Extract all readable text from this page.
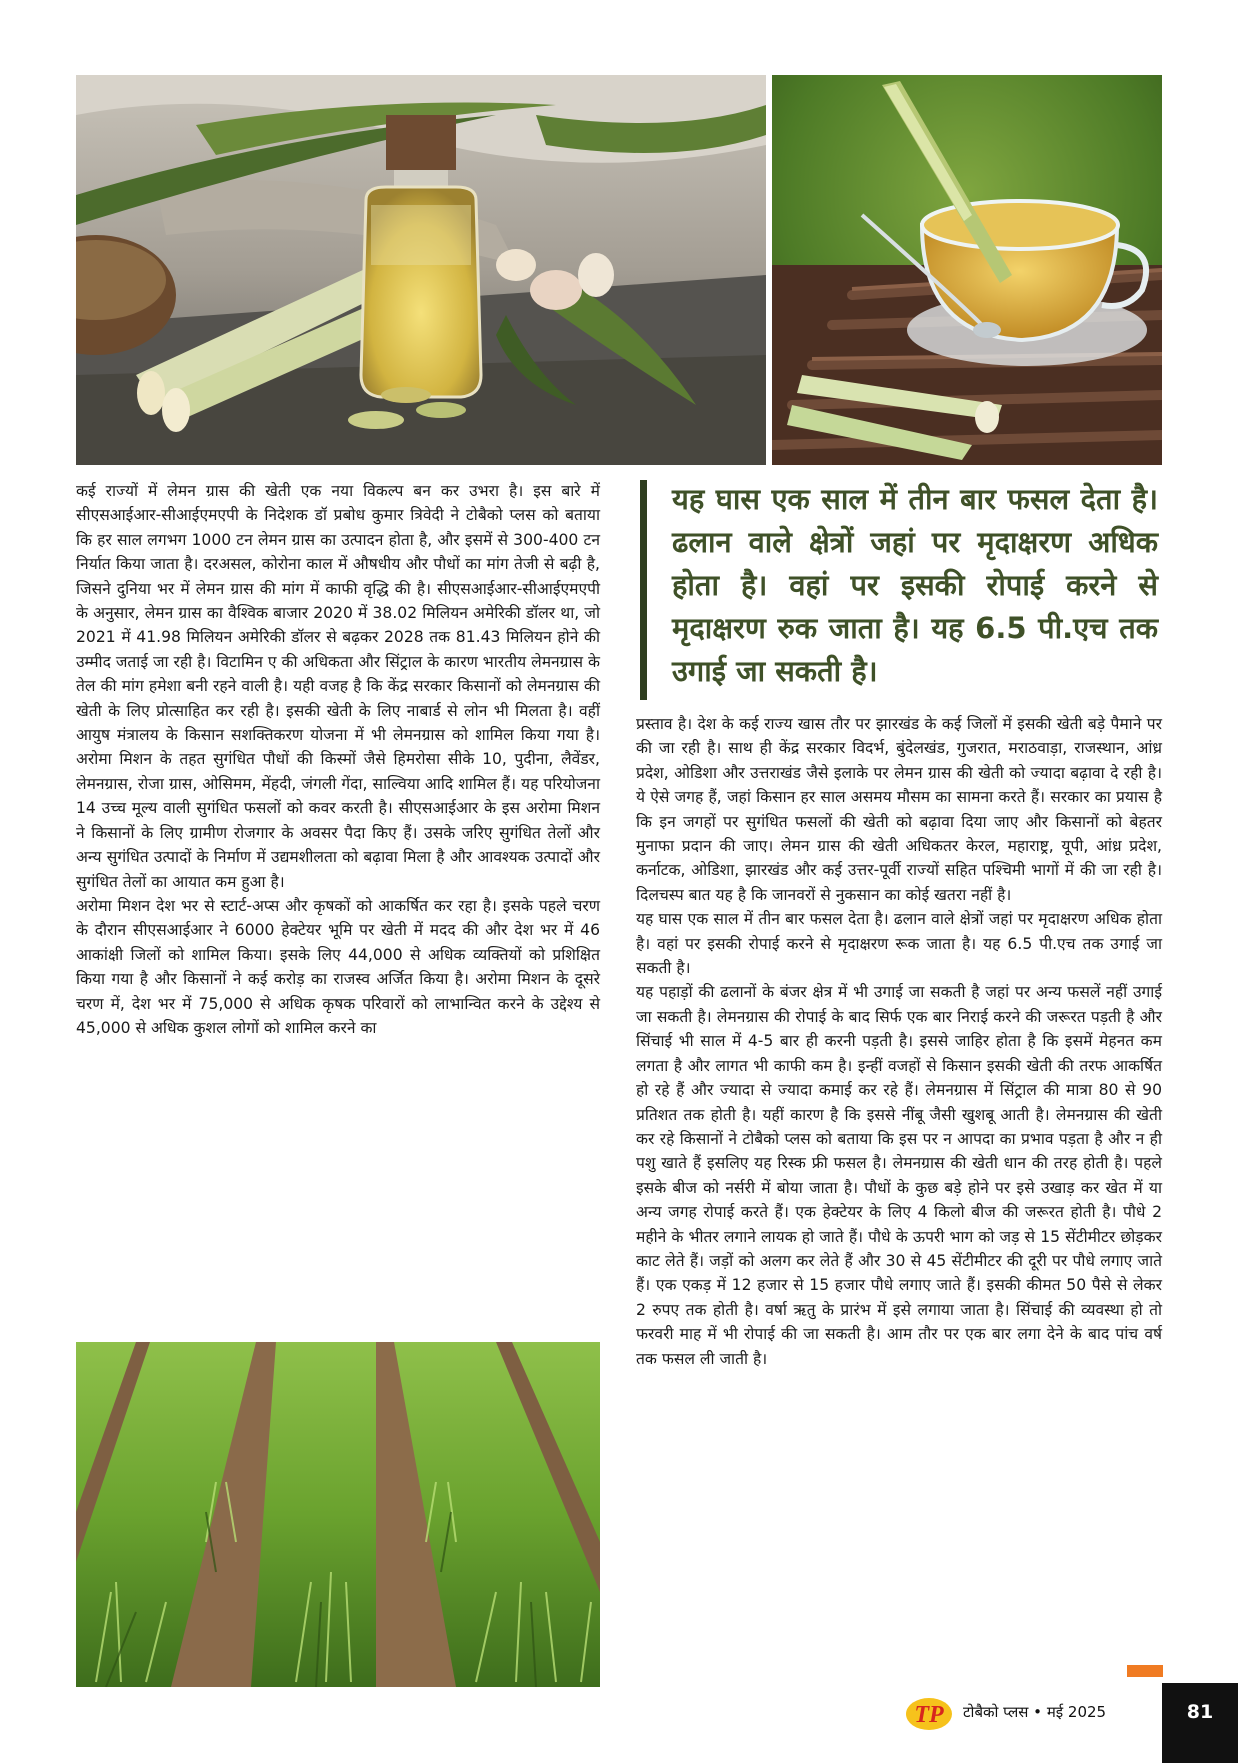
कई राज्यों में लेमन ग्रास की खेती एक नया विकल्प बन कर उभरा है। इस बारे में सीएसआईआर-सीआईएमएपी के निदेशक डॉ प्रबोध कुमार त्रिवेदी ने टोबैको प्लस को बताया कि हर साल लगभग 1000 टन लेमन ग्रास का उत्पादन होता है, और इसमें से 300-400 टन निर्यात किया जाता है। दरअसल, कोरोना काल में औषधीय और पौधों का मांग तेजी से बढ़ी है, जिसने दुनिया भर में लेमन ग्रास की मांग में काफी वृद्धि की है। सीएसआईआर-सीआईएमएपी के अनुसार, लेमन ग्रास का वैश्विक बाजार 2020 में 38.02 मिलियन अमेरिकी डॉलर था, जो 2021 में 41.98 मिलियन अमेरिकी डॉलर से बढ़कर 2028 तक 81.43 मिलियन होने की उम्मीद जताई जा रही है। विटामिन ए की अधिकता और सिंट्राल के कारण भारतीय लेमनग्रास के तेल की मांग हमेशा बनी रहने वाली है। यही वजह है कि केंद्र सरकार किसानों को लेमनग्रास की खेती के लिए प्रोत्साहित कर रही है। इसकी खेती के लिए नाबार्ड से लोन भी मिलता है। वहीं आयुष मंत्रालय के किसान सशक्तिकरण योजना में भी लेमनग्रास को शामिल किया गया है। अरोमा मिशन के तहत सुगंधित पौधों की किस्मों जैसे हिमरोसा सीके 10, पुदीना, लैवेंडर, लेमनग्रास, रोजा ग्रास, ओसिमम, मेंहदी, जंगली गेंदा, साल्विया आदि शामिल हैं। यह परियोजना 14 उच्च मूल्य वाली सुगंधित फसलों को कवर करती है। सीएसआईआर के इस अरोमा मिशन ने किसानों के लिए ग्रामीण रोजगार के अवसर पैदा किए हैं। उसके जरिए सुगंधित तेलों और अन्य सुगंधित उत्पादों के निर्माण में उद्यमशीलता को बढ़ावा मिला है और आवश्यक उत्पादों और सुगंधित तेलों का आयात कम हुआ है।

अरोमा मिशन देश भर से स्टार्ट-अप्स और कृषकों को आकर्षित कर रहा है। इसके पहले चरण के दौरान सीएसआईआर ने 6000 हेक्टेयर भूमि पर खेती में मदद की और देश भर में 46 आकांक्षी जिलों को शामिल किया। इसके लिए 44,000 से अधिक व्यक्तियों को प्रशिक्षित किया गया है और किसानों ने कई करोड़ का राजस्व अर्जित किया है। अरोमा मिशन के दूसरे चरण में, देश भर में 75,000 से अधिक कृषक परिवारों को लाभान्वित करने के उद्देश्य से 45,000 से अधिक कुशल लोगों को शामिल करने का

यह घास एक साल में तीन बार फसल देता है। ढलान वाले क्षेत्रों जहां पर मृदाक्षरण अधिक होता है। वहां पर इसकी रोपाई करने से मृदाक्षरण रुक जाता है। यह 6.5 पी.एच तक उगाई जा सकती है।

प्रस्ताव है। देश के कई राज्य खास तौर पर झारखंड के कई जिलों में इसकी खेती बड़े पैमाने पर की जा रही है। साथ ही केंद्र सरकार विदर्भ, बुंदेलखंड, गुजरात, मराठवाड़ा, राजस्थान, आंध्र प्रदेश, ओडिशा और उत्तराखंड जैसे इलाके पर लेमन ग्रास की खेती को ज्यादा बढ़ावा दे रही है। ये ऐसे जगह हैं, जहां किसान हर साल असमय मौसम का सामना करते हैं। सरकार का प्रयास है कि इन जगहों पर सुगंधित फसलों की खेती को बढ़ावा दिया जाए और किसानों को बेहतर मुनाफा प्रदान की जाए। लेमन ग्रास की खेती अधिकतर केरल, महाराष्ट्र, यूपी, आंध्र प्रदेश, कर्नाटक, ओडिशा, झारखंड और कई उत्तर-पूर्वी राज्यों सहित पश्चिमी भागों में की जा रही है। दिलचस्प बात यह है कि जानवरों से नुकसान का कोई खतरा नहीं है।

यह घास एक साल में तीन बार फसल देता है। ढलान वाले क्षेत्रों जहां पर मृदाक्षरण अधिक होता है। वहां पर इसकी रोपाई करने से मृदाक्षरण रूक जाता है। यह 6.5 पी.एच तक उगाई जा सकती है।

यह पहाड़ों की ढलानों के बंजर क्षेत्र में भी उगाई जा सकती है जहां पर अन्य फसलें नहीं उगाई जा सकती है। लेमनग्रास की रोपाई के बाद सिर्फ एक बार निराई करने की जरूरत पड़ती है और सिंचाई भी साल में 4-5 बार ही करनी पड़ती है। इससे जाहिर होता है कि इसमें मेहनत कम लगता है और लागत भी काफी कम है। इन्हीं वजहों से किसान इसकी खेती की तरफ आकर्षित हो रहे हैं और ज्यादा से ज्यादा कमाई कर रहे हैं। लेमनग्रास में सिंट्राल की मात्रा 80 से 90 प्रतिशत तक होती है। यहीं कारण है कि इससे नींबू जैसी खुशबू आती है। लेमनग्रास की खेती कर रहे किसानों ने टोबैको प्लस को बताया कि इस पर न आपदा का प्रभाव पड़ता है और न ही पशु खाते हैं इसलिए यह रिस्क फ्री फसल है। लेमनग्रास की खेती धान की तरह होती है। पहले इसके बीज को नर्सरी में बोया जाता है। पौधों के कुछ बड़े होने पर इसे उखाड़ कर खेत में या अन्य जगह रोपाई करते हैं। एक हेक्टेयर के लिए 4 किलो बीज की जरूरत होती है। पौधे 2 महीने के भीतर लगाने लायक हो जाते हैं। पौधे के ऊपरी भाग को जड़ से 15 सेंटीमीटर छोड़कर काट लेते हैं। जड़ों को अलग कर लेते हैं और 30 से 45 सेंटीमीटर की दूरी पर पौधे लगाए जाते हैं। एक एकड़ में 12 हजार से 15 हजार पौधे लगाए जाते हैं। इसकी कीमत 50 पैसे से लेकर 2 रुपए तक होती है। वर्षा ऋतु के प्रारंभ में इसे लगाया जाता है। सिंचाई की व्यवस्था हो तो फरवरी माह में भी रोपाई की जा सकती है। आम तौर पर एक बार लगा देने के बाद पांच वर्ष तक फसल ली जाती है।

TP टोबैको प्लस • मई 2025	81
